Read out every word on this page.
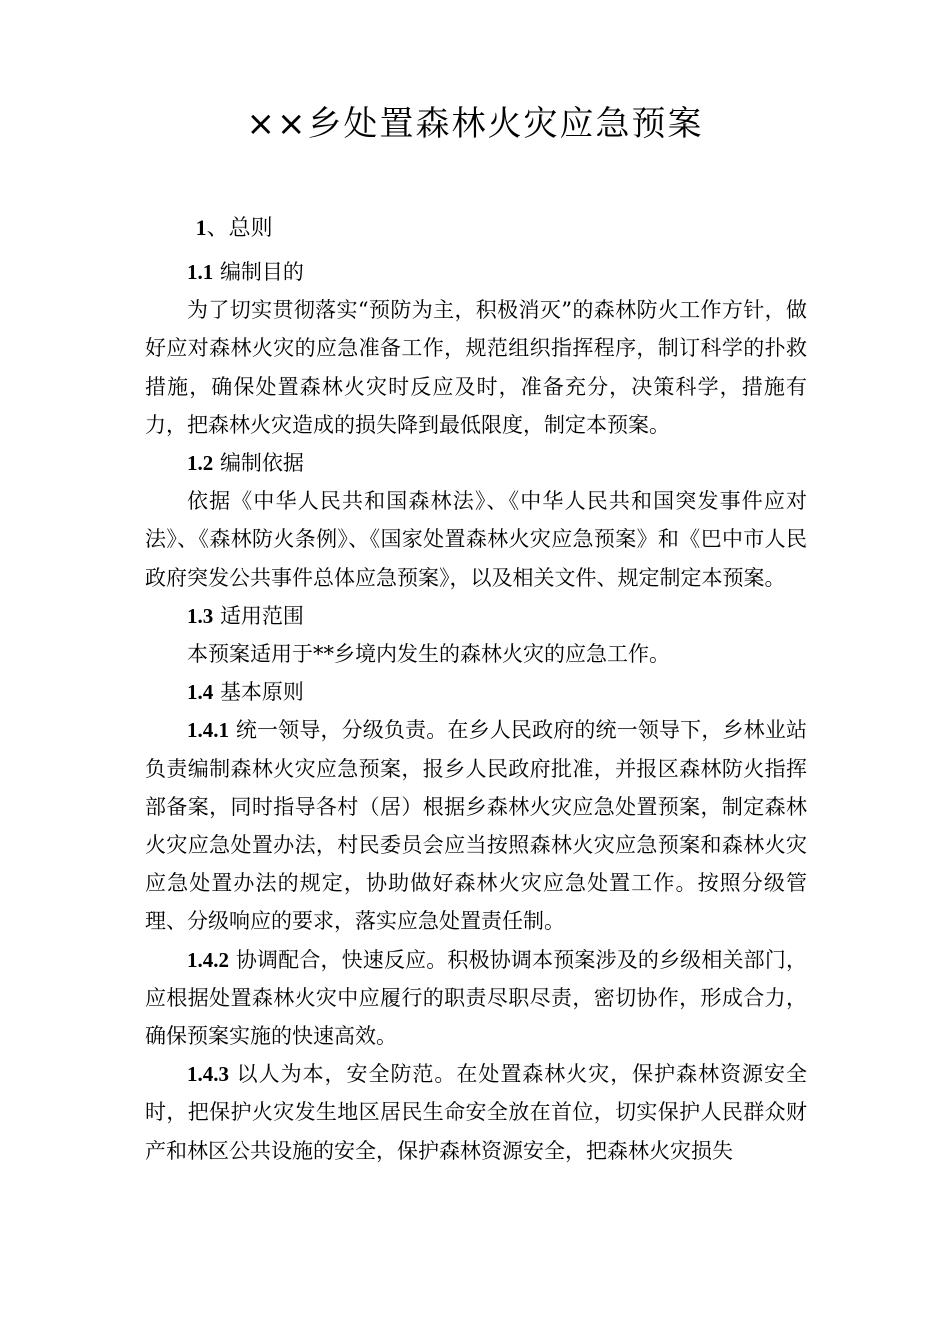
××乡处置森林火灾应急预案

1、总则

1.1 编制目的

为了切实贯彻落实“预防为主，积极消灭”的森林防火工作方针，做好应对森林火灾的应急准备工作，规范组织指挥程序，制订科学的扑救措施，确保处置森林火灾时反应及时，准备充分，决策科学，措施有力，把森林火灾造成的损失降到最低限度，制定本预案。

1.2 编制依据

依据《中华人民共和国森林法》、《中华人民共和国突发事件应对法》、《森林防火条例》、《国家处置森林火灾应急预案》和《巴中市人民政府突发公共事件总体应急预案》，以及相关文件、规定制定本预案。

1.3 适用范围

本预案适用于**乡境内发生的森林火灾的应急工作。

1.4 基本原则

1.4.1 统一领导，分级负责。在乡人民政府的统一领导下，乡林业站负责编制森林火灾应急预案，报乡人民政府批准，并报区森林防火指挥部备案，同时指导各村（居）根据乡森林火灾应急处置预案，制定森林火灾应急处置办法，村民委员会应当按照森林火灾应急预案和森林火灾应急处置办法的规定，协助做好森林火灾应急处置工作。按照分级管理、分级响应的要求，落实应急处置责任制。

1.4.2 协调配合，快速反应。积极协调本预案涉及的乡级相关部门，应根据处置森林火灾中应履行的职责尽职尽责，密切协作，形成合力，确保预案实施的快速高效。

1.4.3 以人为本，安全防范。在处置森林火灾，保护森林资源安全时，把保护火灾发生地区居民生命安全放在首位，切实保护人民群众财产和林区公共设施的安全，保护森林资源安全，把森林火灾损失
